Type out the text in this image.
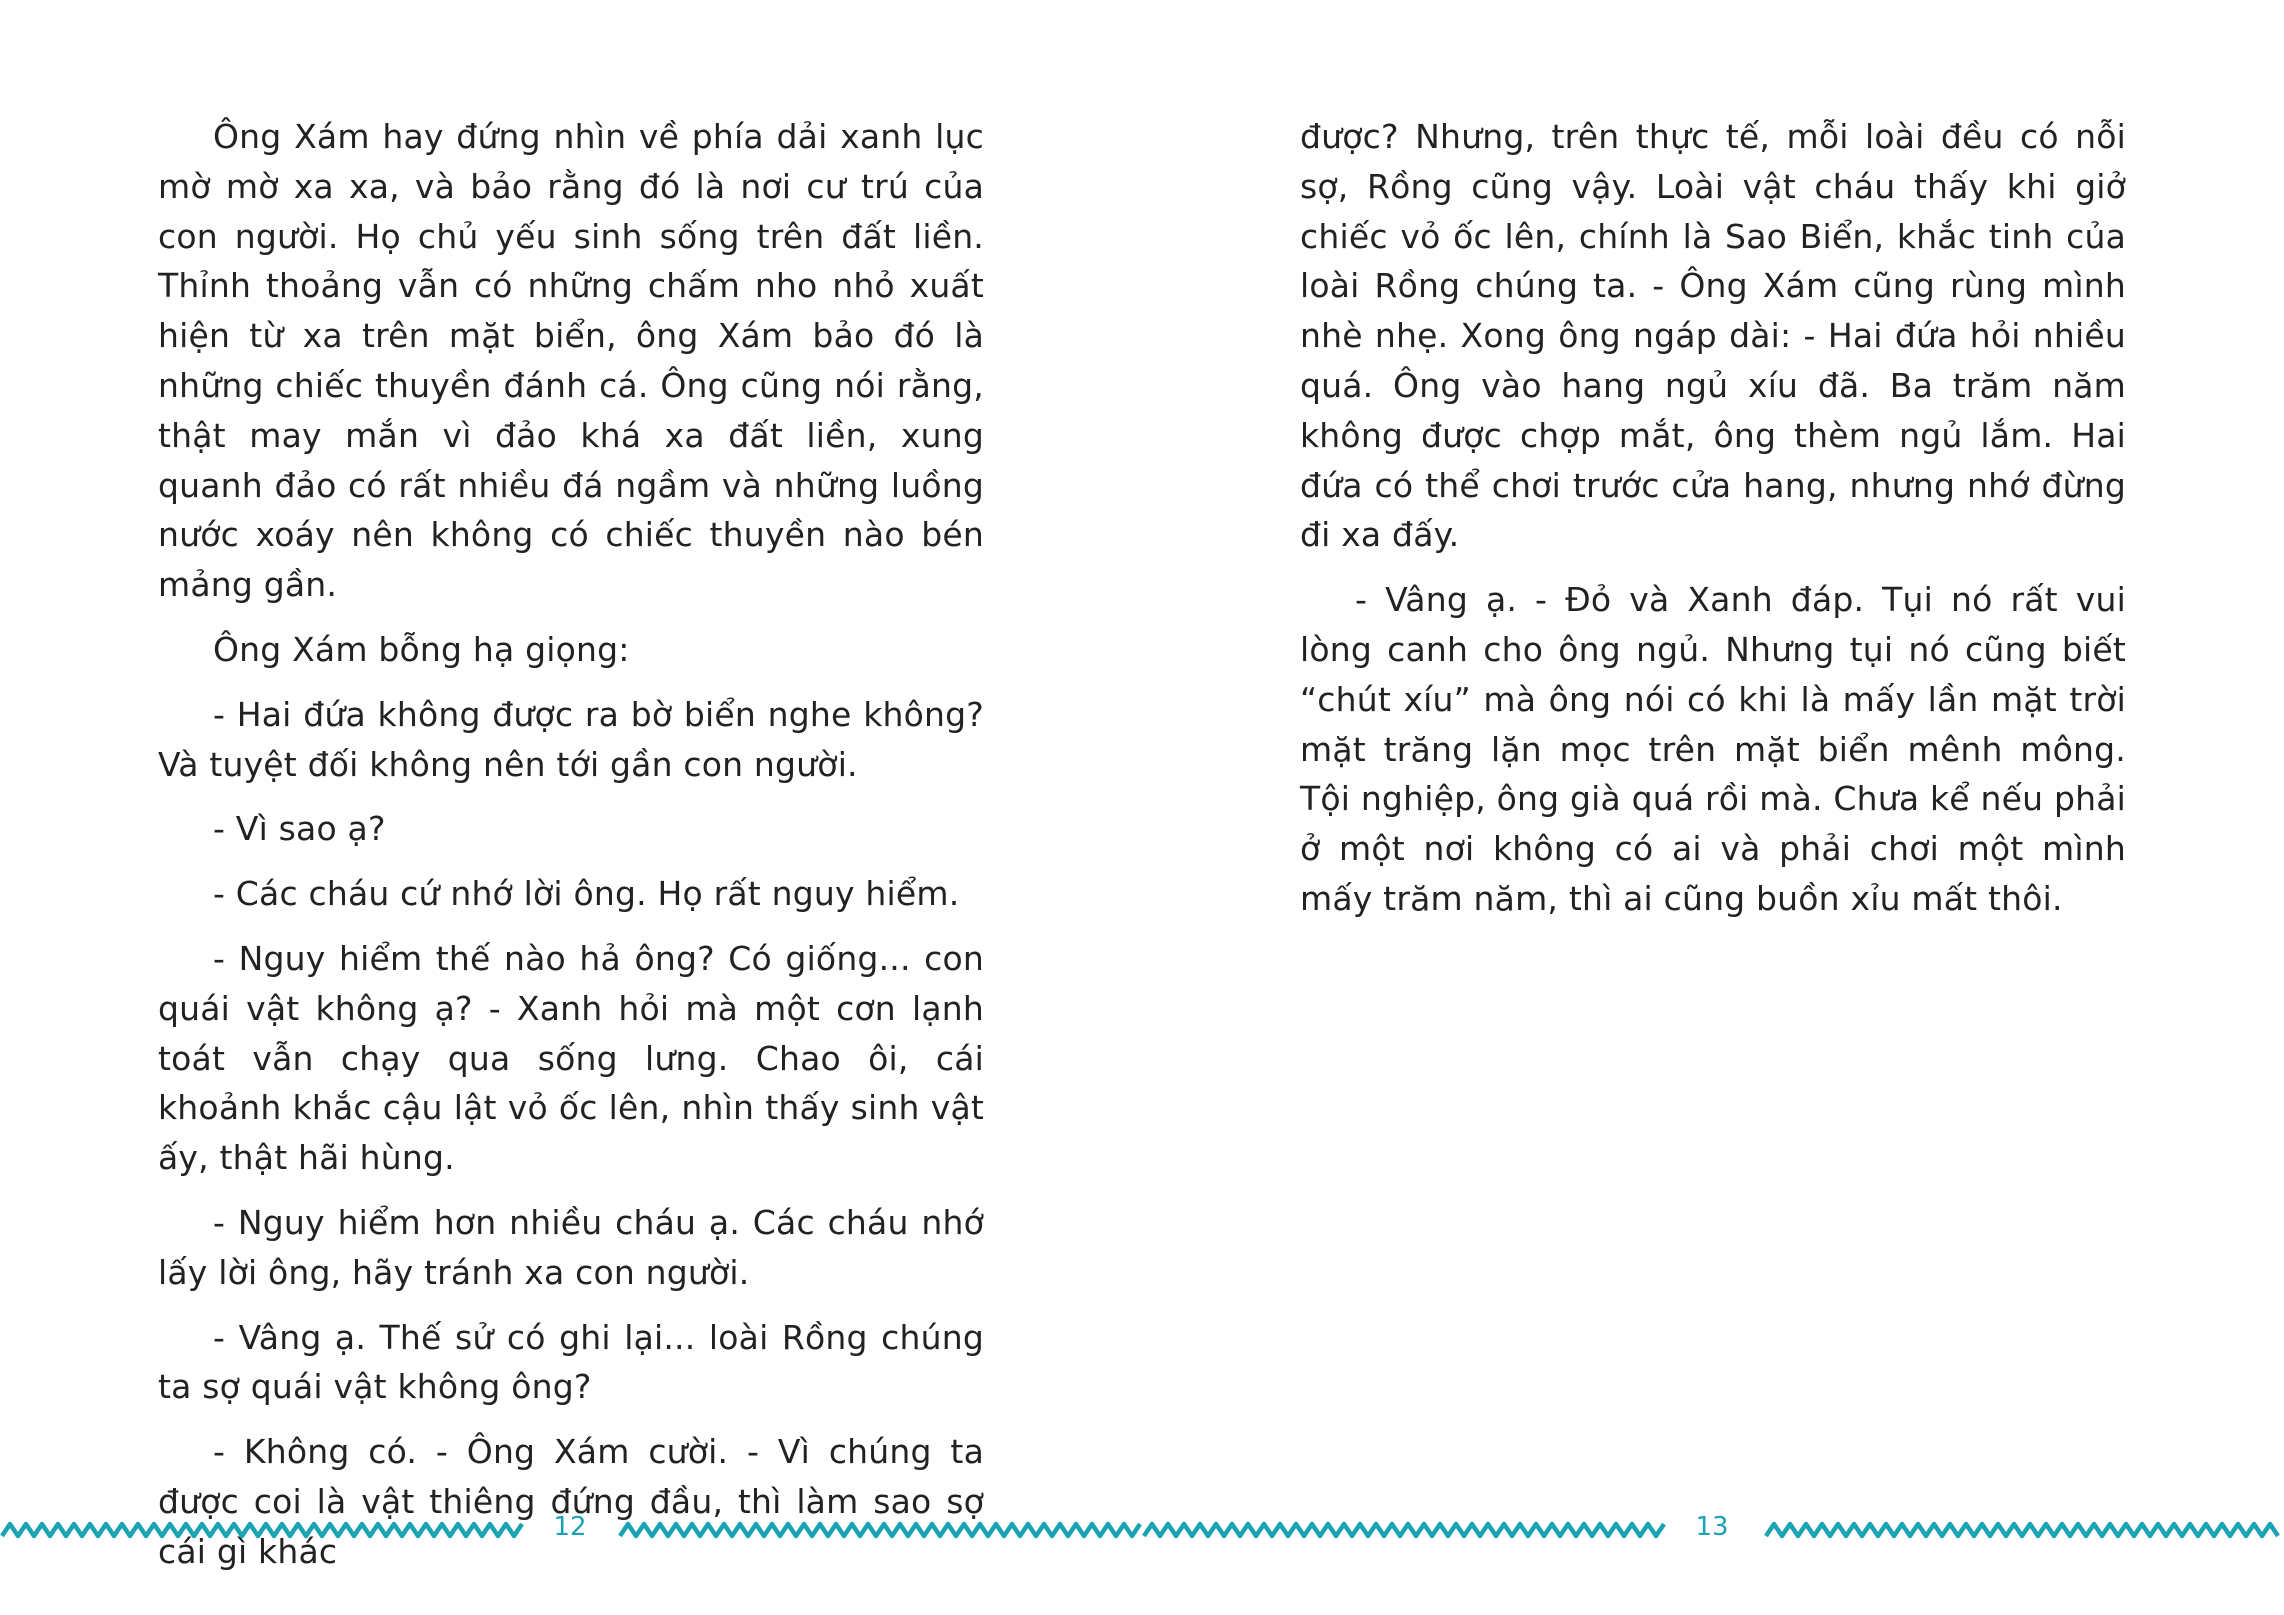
Ông Xám hay đứng nhìn về phía dải xanh lục mờ mờ xa xa, và bảo rằng đó là nơi cư trú của con người. Họ chủ yếu sinh sống trên đất liền. Thỉnh thoảng vẫn có những chấm nho nhỏ xuất hiện từ xa trên mặt biển, ông Xám bảo đó là những chiếc thuyền đánh cá. Ông cũng nói rằng, thật may mắn vì đảo khá xa đất liền, xung quanh đảo có rất nhiều đá ngầm và những luồng nước xoáy nên không có chiếc thuyền nào bén mảng gần.

Ông Xám bỗng hạ giọng:

- Hai đứa không được ra bờ biển nghe không? Và tuyệt đối không nên tới gần con người.

- Vì sao ạ?

- Các cháu cứ nhớ lời ông. Họ rất nguy hiểm.

- Nguy hiểm thế nào hả ông? Có giống... con quái vật không ạ? - Xanh hỏi mà một cơn lạnh toát vẫn chạy qua sống lưng. Chao ôi, cái khoảnh khắc cậu lật vỏ ốc lên, nhìn thấy sinh vật ấy, thật hãi hùng.

- Nguy hiểm hơn nhiều cháu ạ. Các cháu nhớ lấy lời ông, hãy tránh xa con người.

- Vâng ạ. Thế sử có ghi lại... loài Rồng chúng ta sợ quái vật không ông?

- Không có. - Ông Xám cười. - Vì chúng ta được coi là vật thiêng đứng đầu, thì làm sao sợ cái gì khác

12

được? Nhưng, trên thực tế, mỗi loài đều có nỗi sợ, Rồng cũng vậy. Loài vật cháu thấy khi giở chiếc vỏ ốc lên, chính là Sao Biển, khắc tinh của loài Rồng chúng ta. - Ông Xám cũng rùng mình nhè nhẹ. Xong ông ngáp dài: - Hai đứa hỏi nhiều quá. Ông vào hang ngủ xíu đã. Ba trăm năm không được chợp mắt, ông thèm ngủ lắm. Hai đứa có thể chơi trước cửa hang, nhưng nhớ đừng đi xa đấy.

- Vâng ạ. - Đỏ và Xanh đáp. Tụi nó rất vui lòng canh cho ông ngủ. Nhưng tụi nó cũng biết “chút xíu” mà ông nói có khi là mấy lần mặt trời mặt trăng lặn mọc trên mặt biển mênh mông. Tội nghiệp, ông già quá rồi mà. Chưa kể nếu phải ở một nơi không có ai và phải chơi một mình mấy trăm năm, thì ai cũng buồn xỉu mất thôi.

13
